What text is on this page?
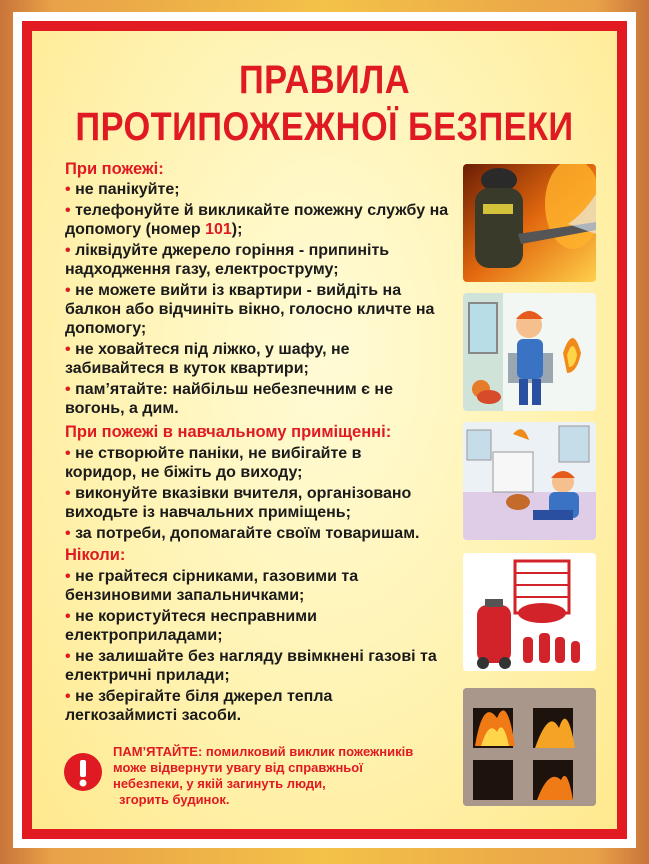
ПРАВИЛА
ПРОТИПОЖЕЖНОЇ БЕЗПЕКИ
При пожежі:
• не панікуйте;
• телефонуйте й викликайте пожежну службу на допомогу (номер 101);
• ліквідуйте джерело горіння - припиніть надходження газу, електроструму;
• не можете вийти із квартири - вийдіть на балкон або відчиніть вікно, голосно кличте на допомогу;
• не ховайтеся під ліжко, у шафу, не забивайтеся в куток квартири;
• пам’ятайте: найбільш небезпечним є не вогонь, а дим.
При пожежі в навчальному приміщенні:
• не створюйте паніки, не вибігайте в коридор, не біжіть до виходу;
• виконуйте вказівки вчителя, організовано виходьте із навчальних приміщень;
• за потреби, допомагайте своїм товаришам.
Ніколи:
• не грайтеся сірниками, газовими та бензиновими запальничками;
• не користуйтеся несправними електроприладами;
• не залишайте без нагляду ввімкнені газові та електричні прилади;
• не зберігайте біля джерел тепла легкозаймисті засоби.
ПАМ’ЯТАЙТЕ: помилковий виклик пожежників
може відвернути увагу від справжньої
небезпеки, у якій загинуть люди,
згорить будинок.
